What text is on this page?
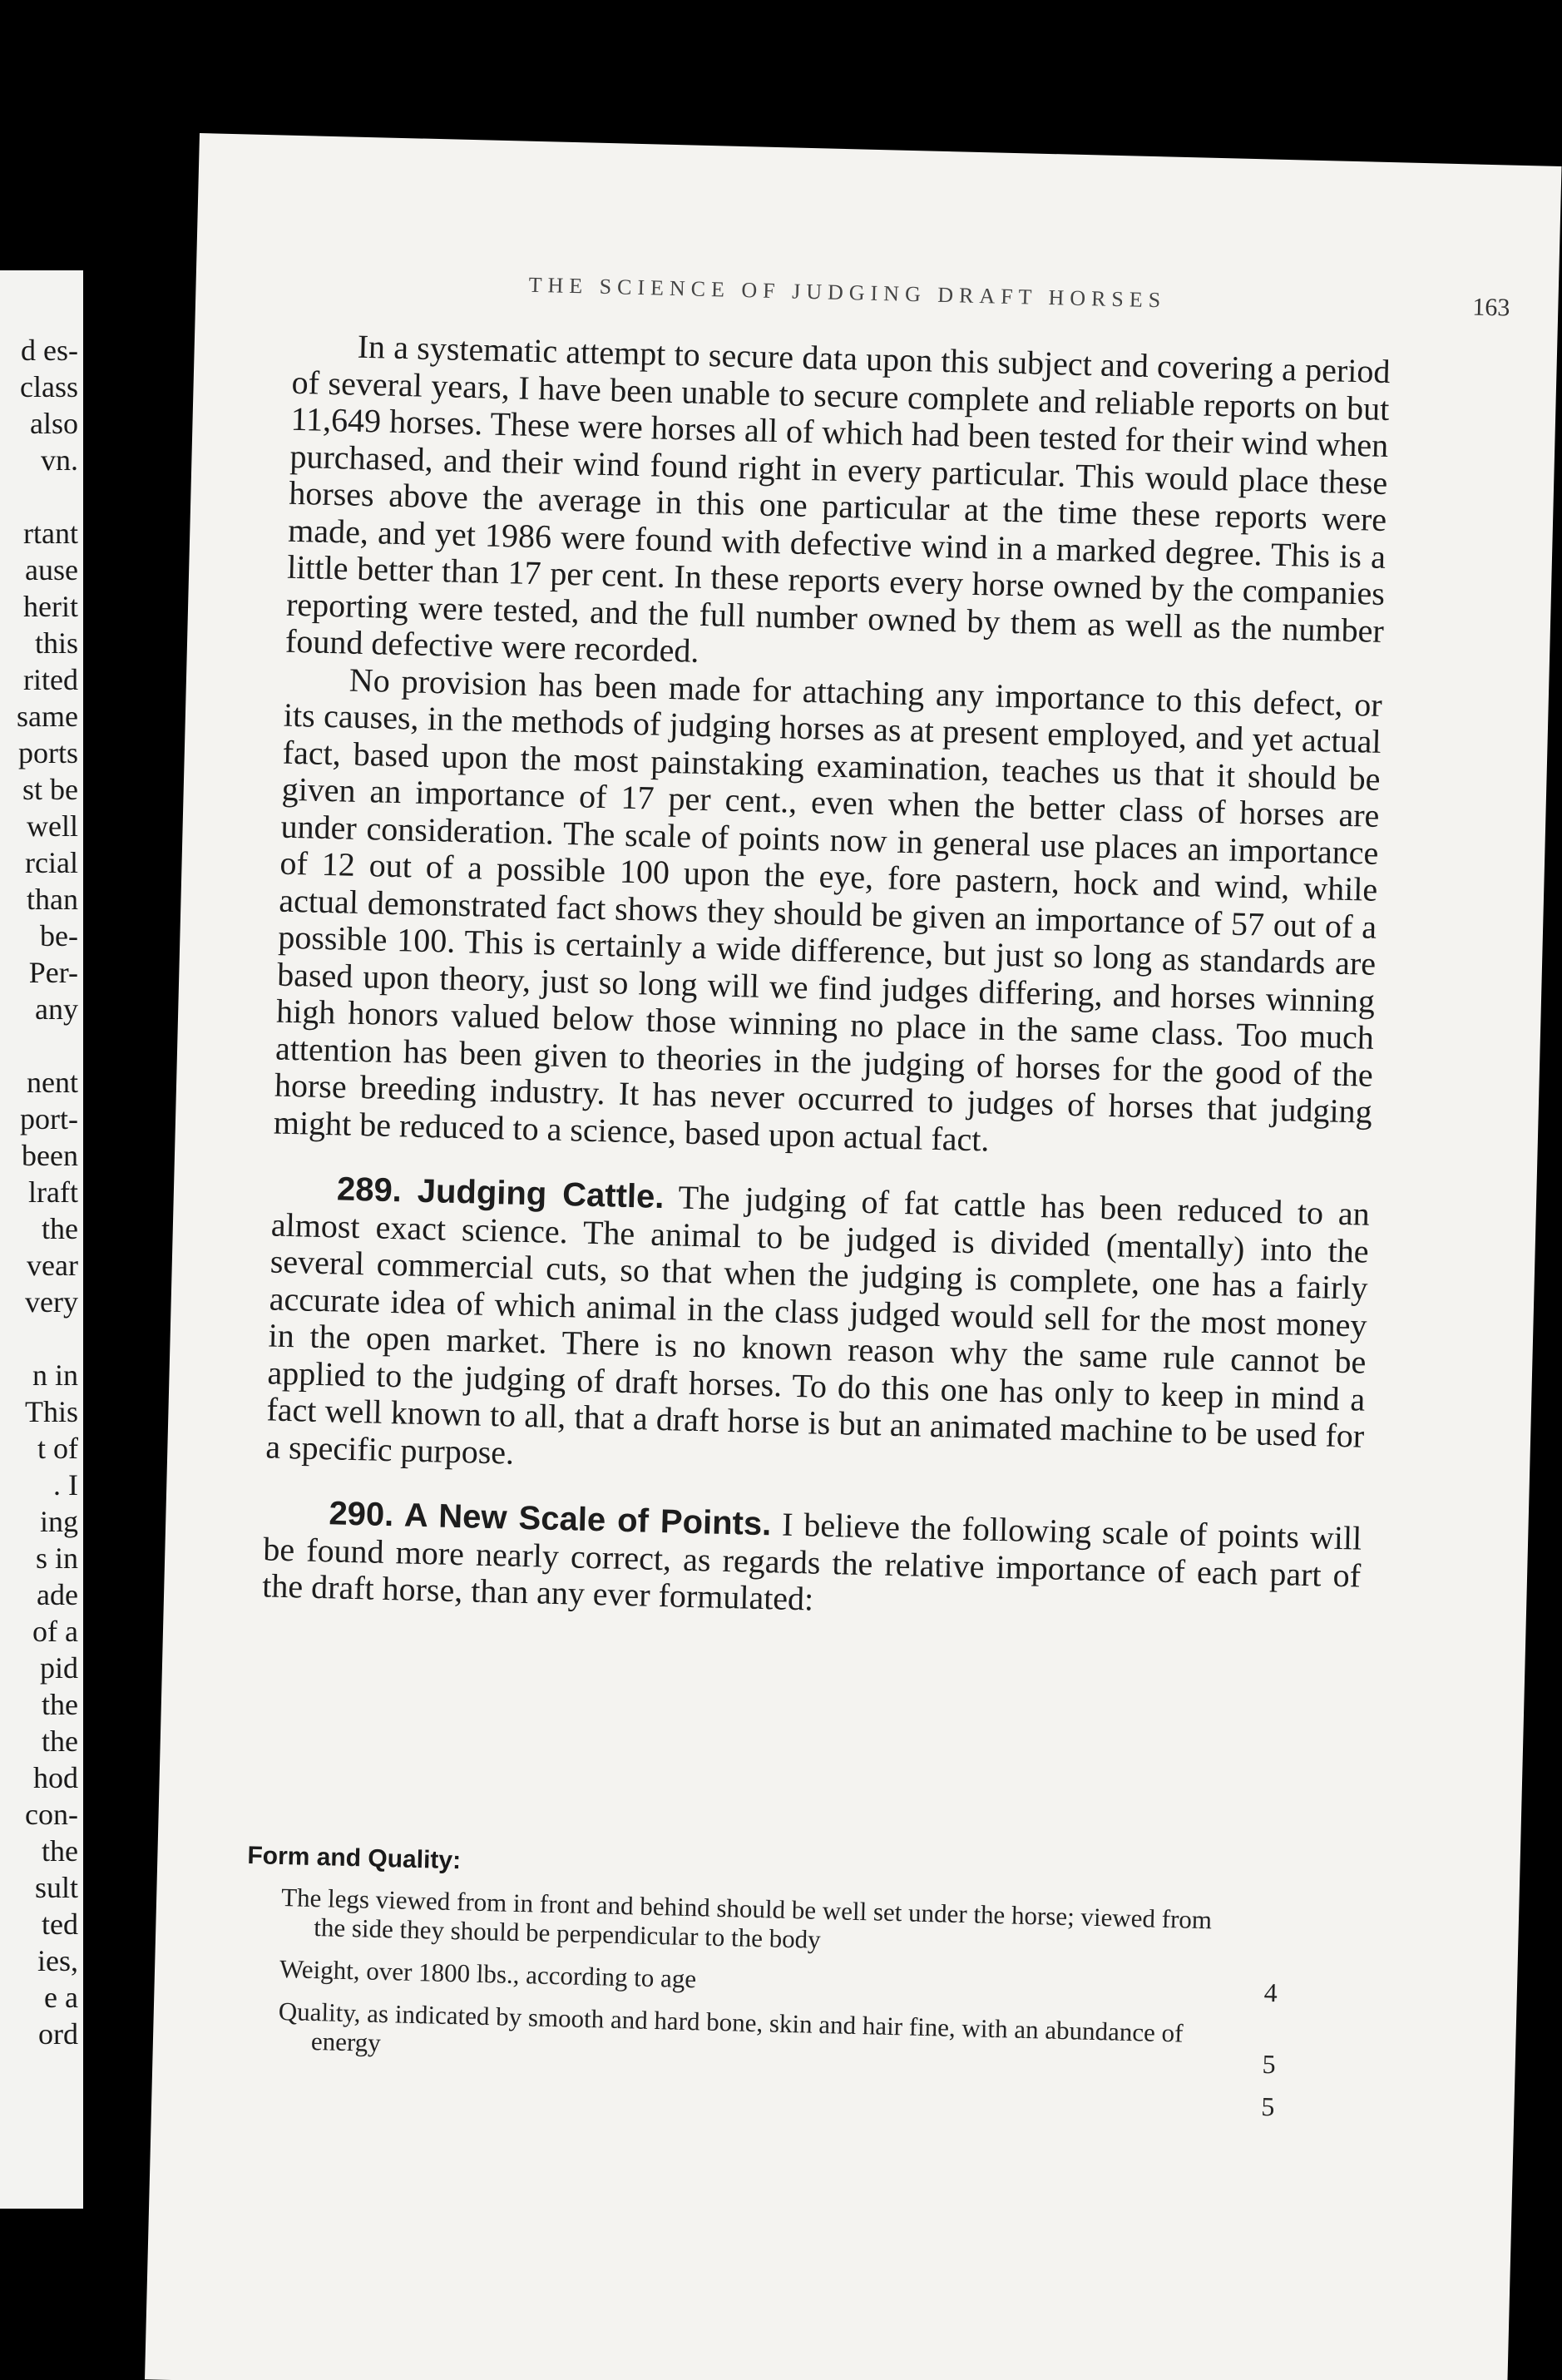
d es-
class
also
vn.
rtant
ause
herit
this
rited
same
ports
st be
well
rcial
than
be-
Per-
any
nent
port-
been
lraft
the
vear
very
n in
This
t of
. I
ing
s in
ade
of a
pid
the
the
hod
con-
the
sult
ted
ies,
e a
ord
THE SCIENCE OF JUDGING DRAFT HORSES	163

In a systematic attempt to secure data upon this subject and covering a period of several years, I have been unable to secure complete and reliable reports on but 11,649 horses. These were horses all of which had been tested for their wind when purchased, and their wind found right in every particular. This would place these horses above the average in this one particular at the time these reports were made, and yet 1986 were found with defective wind in a marked degree. This is a little better than 17 per cent. In these reports every horse owned by the companies reporting were tested, and the full number owned by them as well as the number found defective were recorded.

No provision has been made for attaching any importance to this defect, or its causes, in the methods of judging horses as at present employed, and yet actual fact, based upon the most painstaking examination, teaches us that it should be given an importance of 17 per cent., even when the better class of horses are under consideration. The scale of points now in general use places an importance of 12 out of a possible 100 upon the eye, fore pastern, hock and wind, while actual demonstrated fact shows they should be given an importance of 57 out of a possible 100. This is certainly a wide difference, but just so long as standards are based upon theory, just so long will we find judges differing, and horses winning high honors valued below those winning no place in the same class. Too much attention has been given to theories in the judging of horses for the good of the horse breeding industry. It has never occurred to judges of horses that judging might be reduced to a science, based upon actual fact.

289. Judging Cattle. The judging of fat cattle has been reduced to an almost exact science. The animal to be judged is divided (mentally) into the several commercial cuts, so that when the judging is complete, one has a fairly accurate idea of which animal in the class judged would sell for the most money in the open market. There is no known reason why the same rule cannot be applied to the judging of draft horses. To do this one has only to keep in mind a fact well known to all, that a draft horse is but an animated machine to be used for a specific purpose.

290. A New Scale of Points. I believe the following scale of points will be found more nearly correct, as regards the relative importance of each part of the draft horse, than any ever formulated:

Form and Quality:
The legs viewed from in front and behind should be well set under the horse; viewed from the side they should be perpendicular to the body
Weight, over 1800 lbs., according to age	4
Quality, as indicated by smooth and hard bone, skin and hair fine, with an abundance of energy
5
5
